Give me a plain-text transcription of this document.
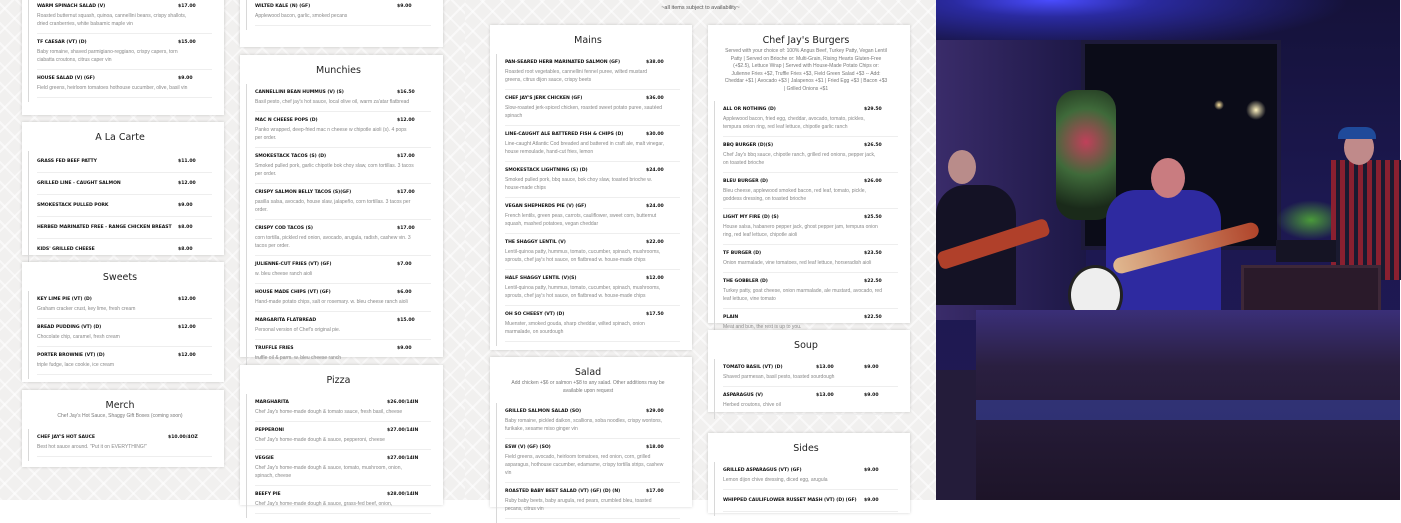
WARM SPINACH SALAD (V)	$17.00
Roasted butternut squash, quinoa, cannellini beans, crispy shallots, dried cranberries, white balsamic maple vin
TF CAESAR (VT) (D)	$15.00
Baby romaine, shaved parmigiano-reggiano, crispy capers, torn ciabatta croutons, citrus caper vin
HOUSE SALAD (V) (GF)	$9.00
Field greens, heirloom tomatoes hothouse cucumber, olive, basil vin
A La Carte
GRASS FED BEEF PATTY	$11.00
GRILLED LINE - CAUGHT SALMON	$12.00
SMOKESTACK PULLED PORK	$9.00
HERBED MARINATED FREE - RANGE CHICKEN BREAST	$8.00
KIDS' GRILLED CHEESE	$8.00
Sweets
KEY LIME PIE (VT) (D)	$12.00
Graham cracker crust, key lime, fresh cream
BREAD PUDDING (VT) (D)	$12.00
Chocolate chip, caramel, fresh cream
PORTER BROWNIE (VT) (D)	$12.00
triple fudge, lace cookie, ice cream
Merch
Chef Jay's Hot Sauce, Shaggy Gift Boxes (coming soon)
CHEF JAY'S HOT SAUCE	$10.00/4OZ
Best hot sauce around. "Put it on EVERYTHING!"
WILTED KALE (N) (GF)	$9.00
Applewood bacon, garlic, smoked pecans
Munchies
CANNELLINI BEAN HUMMUS (V) (S)	$16.50
Basil pesto, chef jay's hot sauce, local olive oil, warm za'atar flatbread
MAC N CHEESE POPS (D)	$12.00
Panko wrapped, deep-fried mac n cheese w chipotle aioli (s). 4 pops per order.
SMOKESTACK TACOS (S) (D)	$17.00
Smoked pulled pork, garlic chipotle bok choy slaw, corn tortillas. 3 tacos per order.
CRISPY SALMON BELLY TACOS (S)(GF)	$17.00
pasilla salsa, avocado, house slaw, jalapeño, corn tortillas. 3 tacos per order.
CRISPY COD TACOS (S)	$17.00
corn tortilla, pickled red onion, avocado, arugula, radish, cashew vin. 3 tacos per order.
JULIENNE-CUT FRIES (VT) (GF)	$7.00
w. bleu cheese ranch aioli
HOUSE MADE CHIPS (VT) (GF)	$6.00
Hand-made potato chips, salt or rosemary. w. bleu cheese ranch aioli
MARGARITA FLATBREAD	$15.00
Personal version of Chef's original pie.
TRUFFLE FRIES	$9.00
truffle oil & parm. w. bleu cheese ranch
Pizza
MARGHARITA	$26.00/14IN
Chef Jay's home-made dough & tomato sauce, fresh basil, cheese
PEPPERONI	$27.00/14IN
Chef Jay's home-made dough & sauce, pepperoni, cheese
VEGGIE	$27.00/14IN
Chef Jay's home-made dough & sauce, tomato, mushroom, onion, spinach, cheese
BEEFY PIE	$28.00/14IN
Chef Jay's home-made dough & sauce, grass-fed beef, onion,
~all items subject to availability~
Mains
PAN-SEARED HERB MARINATED SALMON (GF)	$38.00
Roasted root vegetables, cannellini fennel puree, wilted mustard greens, citrus dijon sauce, crispy beets
CHEF JAY'S JERK CHICKEN (GF)	$36.00
Slow-roasted jerk-spiced chicken, roasted sweet potato puree, sautéed spinach
LINE-CAUGHT ALE BATTERED FISH & CHIPS (D)	$30.00
Line-caught Atlantic Cod breaded and battered in craft ale, malt vinegar, house remoulade, hand-cut fries, lemon
SMOKESTACK LIGHTNING (S) (D)	$24.00
Smoked pulled pork, bbq sauce, bok choy slaw, toasted brioche w. house-made chips
VEGAN SHEPHERDS PIE (V) (GF)	$24.00
French lentils, green peas, carrots, cauliflower, sweet corn, butternut squash, mashed potatoes, vegan cheddar
THE SHAGGY LENTIL (V)	$22.00
Lentil-quinoa patty, hummus, tomato, cucumber, spinach, mushrooms, sprouts, chef jay's hot sauce, on flatbread w. house-made chips
HALF SHAGGY LENTIL (V)(S)	$12.00
Lentil-quinoa patty, hummus, tomato, cucumber, spinach, mushrooms, sprouts, chef jay's hot sauce, on flatbread w. house-made chips
OH SO CHEESY (VT) (D)	$17.50
Muenster, smoked gouda, sharp cheddar, wilted spinach, onion marmalade, on sourdough
Salad
Add chicken +$6 or salmon +$8 to any salad. Other additions may be available upon request
GRILLED SALMON SALAD (SO)	$29.00
Baby romaine, pickled daikon, scallions, soba noodles, crispy wontons, furikake, sesame miso ginger vin
ESW (V) (GF) (SO)	$18.00
Field greens, avocado, heirloom tomatoes, red onion, corn, grilled asparagus, hothouse cucumber, edamame, crispy tortilla strips, cashew vin
ROASTED BABY BEET SALAD (VT) (GF) (D) (N)	$17.00
Ruby baby beets, baby arugula, red pears, crumbled bleu, toasted pecans, citrus vin
Chef Jay's Burgers
Served with your choice of: 100% Angus Beef, Turkey Patty, Vegan Lentil Patty | Served on Brioche or: Multi-Grain, Rising Hearts Gluten-Free (+$2.5), Lettuce Wrap | Served with House-Made Potato Chips or: Julienne Fries +$2, Truffle Fries +$3, Field Green Salad +$3 -- Add: Cheddar +$1 | Avocado +$3 | Jalapenos +$1 | Fried Egg +$3 | Bacon +$3 | Grilled Onions +$1
ALL OR NOTHING (D)	$29.50
Applewood bacon, fried egg, cheddar, avocado, tomato, pickles, tempura onion ring, red leaf lettuce, chipotle garlic ranch
BBQ BURGER (D)(S)	$26.50
Chef Jay's bbq sauce, chipotle ranch, grilled red onions, pepper jack, on toasted brioche
BLEU BURGER (D)	$26.00
Bleu cheese, applewood smoked bacon, red leaf, tomato, pickle, goddess dressing, on toasted brioche
LIGHT MY FIRE (D) (S)	$25.50
House salsa, habanero pepper jack, ghost pepper jam, tempura onion ring, red leaf lettuce, chipotle aioli
TF BURGER (D)	$23.50
Onion marmalade, vine tomatoes, red leaf lettuce, horseradish aioli
THE GOBBLER (D)	$22.50
Turkey patty, goat cheese, onion marmalade, ale mustard, avocado, red leaf lettuce, vine tomato
PLAIN	$22.50
Meat and bun, the rest is up to you.
Soup
TOMATO BASIL (VT) (D)	$13.00	$9.00
Shaved parmesan, basil pesto, toasted sourdough
ASPARAGUS (V)	$13.00	$9.00
Herbed croutons, chive oil
Sides
GRILLED ASPARAGUS (VT) (GF)	$9.00
Lemon dijon chive dressing, diced egg, arugula
WHIPPED CAULIFLOWER RUSSET MASH (VT) (D) (GF)	$9.00
